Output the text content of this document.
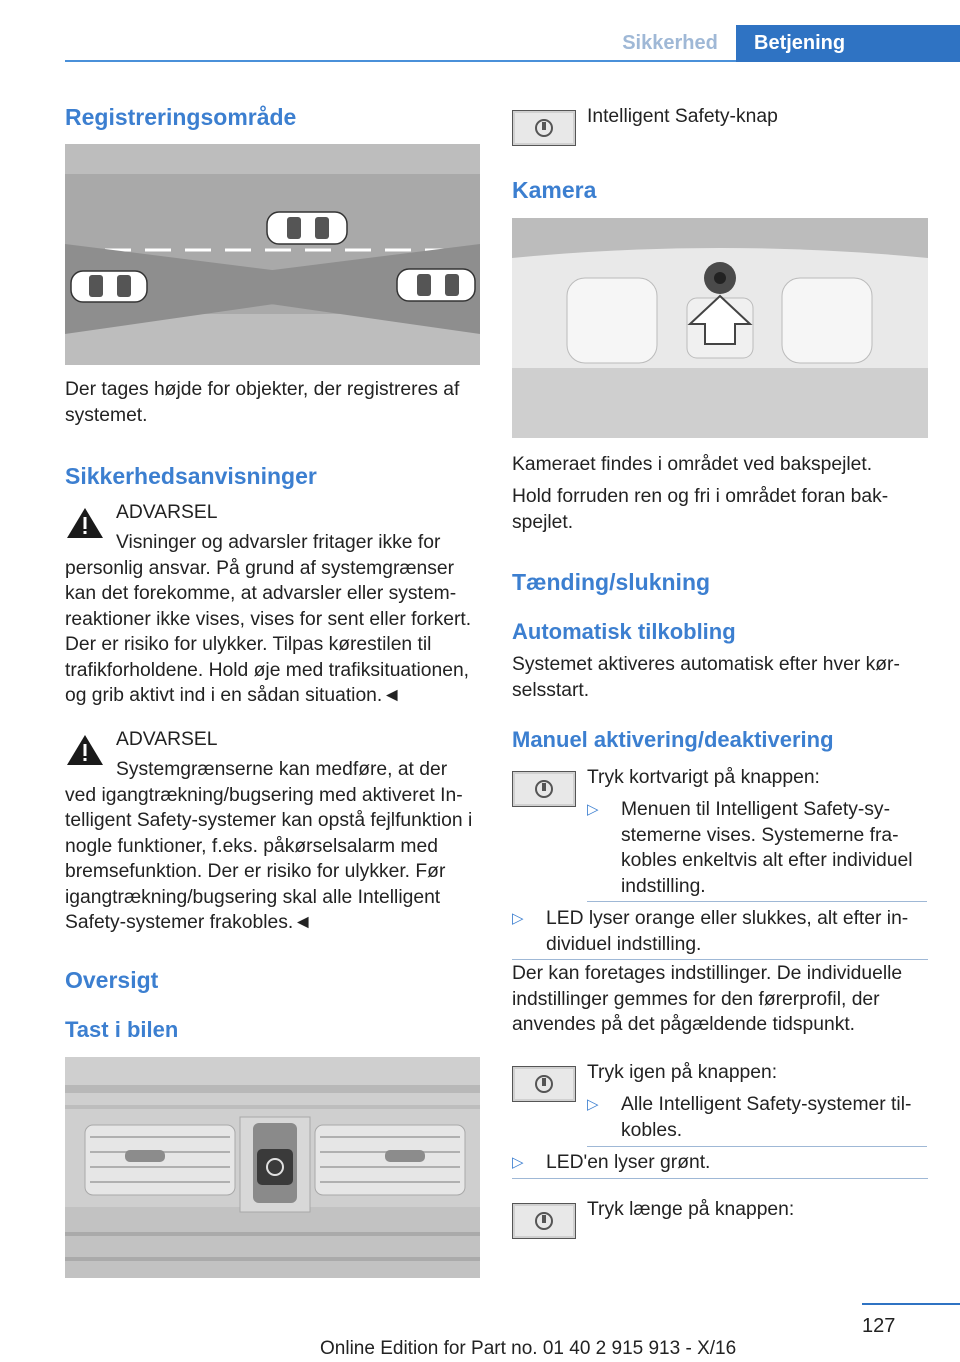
Sikkerhed	Betjening
Registreringsområde

Der tages højde for objekter, der registreres af systemet.

Sikkerhedsanvisninger
ADVARSEL
Visninger og advarsler fritager ikke for personlig ansvar. På grund af systemgrænser kan det forekomme, at advarsler eller systemreaktioner ikke vises, vises for sent eller forkert. Der er risiko for ulykker. Tilpas kørestilen til trafikforholdene. Hold øje med trafiksituationen, og grib aktivt ind i en sådan situation.◄
ADVARSEL
Systemgrænserne kan medføre, at der ved igangtrækning/bugsering med aktiveret Intelligent Safety-systemer kan opstå fejlfunktion i nogle funktioner, f.eks. påkørselsalarm med bremsefunktion. Der er risiko for ulykker. Før igangtrækning/bugsering skal alle Intelligent Safety-systemer frakobles.◄
Oversigt
Tast i bilen
Intelligent Safety-knap
Kamera

Kameraet findes i området ved bakspejlet.

Hold forruden ren og fri i området foran bakspejlet.

Tænding/slukning
Automatisk tilkobling

Systemet aktiveres automatisk efter hver kørselsstart.

Manuel aktivering/deaktivering
Tryk kortvarigt på knappen:
▷ Menuen til Intelligent Safety-systemerne vises. Systemerne frakobles enkeltvis alt efter individuel indstilling.
▷ LED lyser orange eller slukkes, alt efter individuel indstilling.

Der kan foretages indstillinger. De individuelle indstillinger gemmes for den førerprofil, der anvendes på det pågældende tidspunkt.

Tryk igen på knappen:
▷ Alle Intelligent Safety-systemer tilkobles.
▷ LED'en lyser grønt.
Tryk længe på knappen:
127
Online Edition for Part no. 01 40 2 915 913 - X/16
